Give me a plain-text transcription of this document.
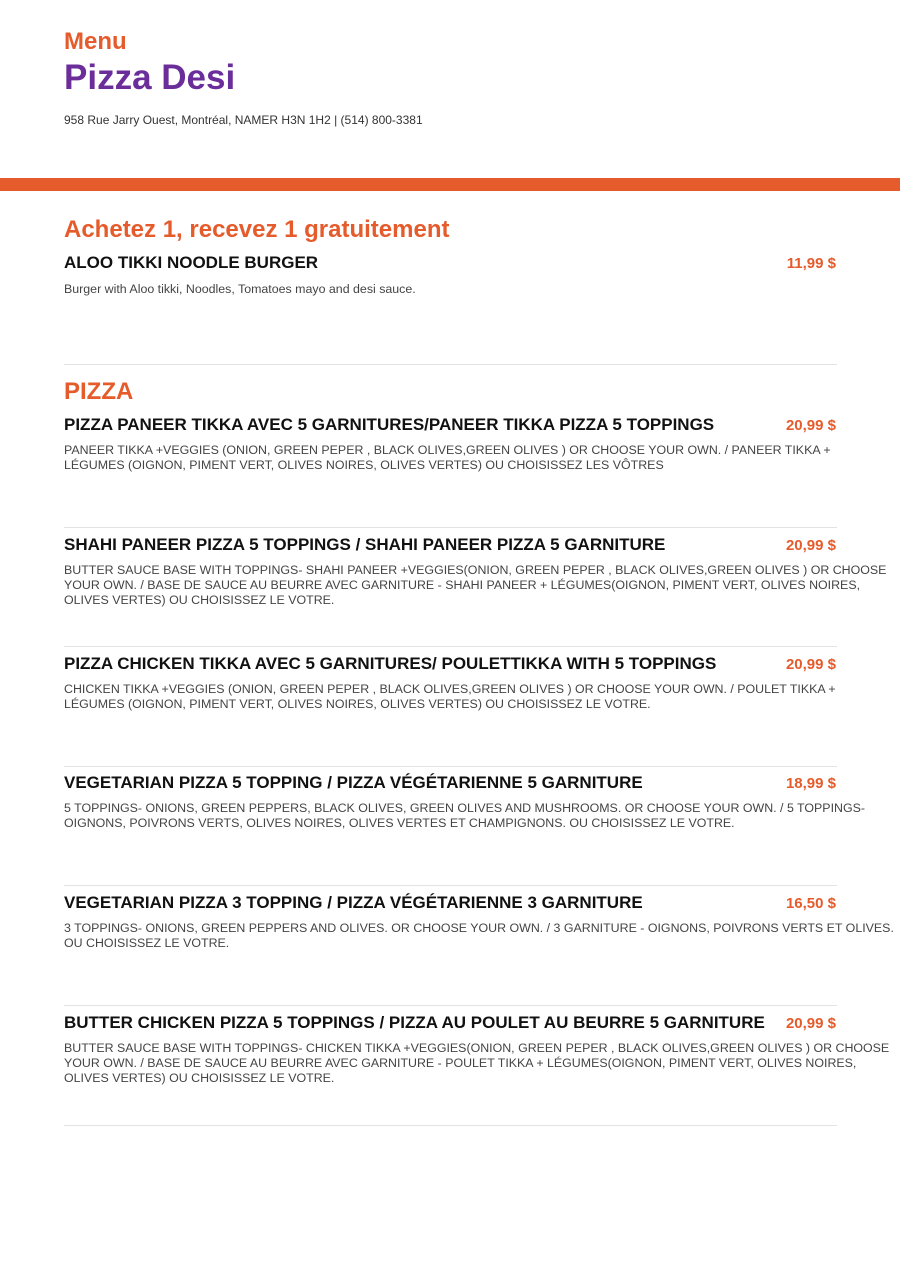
Menu
Pizza Desi
958 Rue Jarry Ouest, Montréal, NAMER H3N 1H2 | (514) 800-3381
Achetez 1, recevez 1 gratuitement
ALOO TIKKI NOODLE BURGER	11,99 $
Burger with Aloo tikki, Noodles, Tomatoes mayo and desi sauce.
PIZZA
PIZZA PANEER TIKKA AVEC 5 GARNITURES/PANEER TIKKA PIZZA 5 TOPPINGS	20,99 $
PANEER TIKKA +VEGGIES (ONION, GREEN PEPER , BLACK OLIVES,GREEN OLIVES ) OR CHOOSE YOUR OWN. / PANEER TIKKA + LÉGUMES (OIGNON, PIMENT VERT, OLIVES NOIRES, OLIVES VERTES) OU CHOISISSEZ LES VÔTRES
SHAHI PANEER PIZZA 5 TOPPINGS / SHAHI PANEER PIZZA 5 GARNITURE	20,99 $
BUTTER SAUCE BASE WITH TOPPINGS- SHAHI PANEER +VEGGIES(ONION, GREEN PEPER , BLACK OLIVES,GREEN OLIVES ) OR CHOOSE YOUR OWN. / BASE DE SAUCE AU BEURRE AVEC GARNITURE - SHAHI PANEER + LÉGUMES(OIGNON, PIMENT VERT, OLIVES NOIRES, OLIVES VERTES) OU CHOISISSEZ LE VOTRE.
PIZZA CHICKEN TIKKA AVEC 5 GARNITURES/ POULETTIKKA WITH 5 TOPPINGS	20,99 $
CHICKEN TIKKA +VEGGIES (ONION, GREEN PEPER , BLACK OLIVES,GREEN OLIVES ) OR CHOOSE YOUR OWN. / POULET TIKKA + LÉGUMES (OIGNON, PIMENT VERT, OLIVES NOIRES, OLIVES VERTES) OU CHOISISSEZ LE VOTRE.
VEGETARIAN PIZZA 5 TOPPING / PIZZA VÉGÉTARIENNE 5 GARNITURE	18,99 $
5 TOPPINGS- ONIONS, GREEN PEPPERS, BLACK OLIVES, GREEN OLIVES AND MUSHROOMS. OR CHOOSE YOUR OWN. / 5 TOPPINGS- OIGNONS, POIVRONS VERTS, OLIVES NOIRES, OLIVES VERTES ET CHAMPIGNONS. OU CHOISISSEZ LE VOTRE.
VEGETARIAN PIZZA 3 TOPPING / PIZZA VÉGÉTARIENNE 3 GARNITURE	16,50 $
3 TOPPINGS- ONIONS, GREEN PEPPERS AND OLIVES. OR CHOOSE YOUR OWN. / 3 GARNITURE - OIGNONS, POIVRONS VERTS ET OLIVES. OU CHOISISSEZ LE VOTRE.
BUTTER CHICKEN PIZZA 5 TOPPINGS / PIZZA AU POULET AU BEURRE 5 GARNITURE	20,99 $
BUTTER SAUCE BASE WITH TOPPINGS- CHICKEN TIKKA +VEGGIES(ONION, GREEN PEPER , BLACK OLIVES,GREEN OLIVES ) OR CHOOSE YOUR OWN. / BASE DE SAUCE AU BEURRE AVEC GARNITURE - POULET TIKKA + LÉGUMES(OIGNON, PIMENT VERT, OLIVES NOIRES, OLIVES VERTES) OU CHOISISSEZ LE VOTRE.
